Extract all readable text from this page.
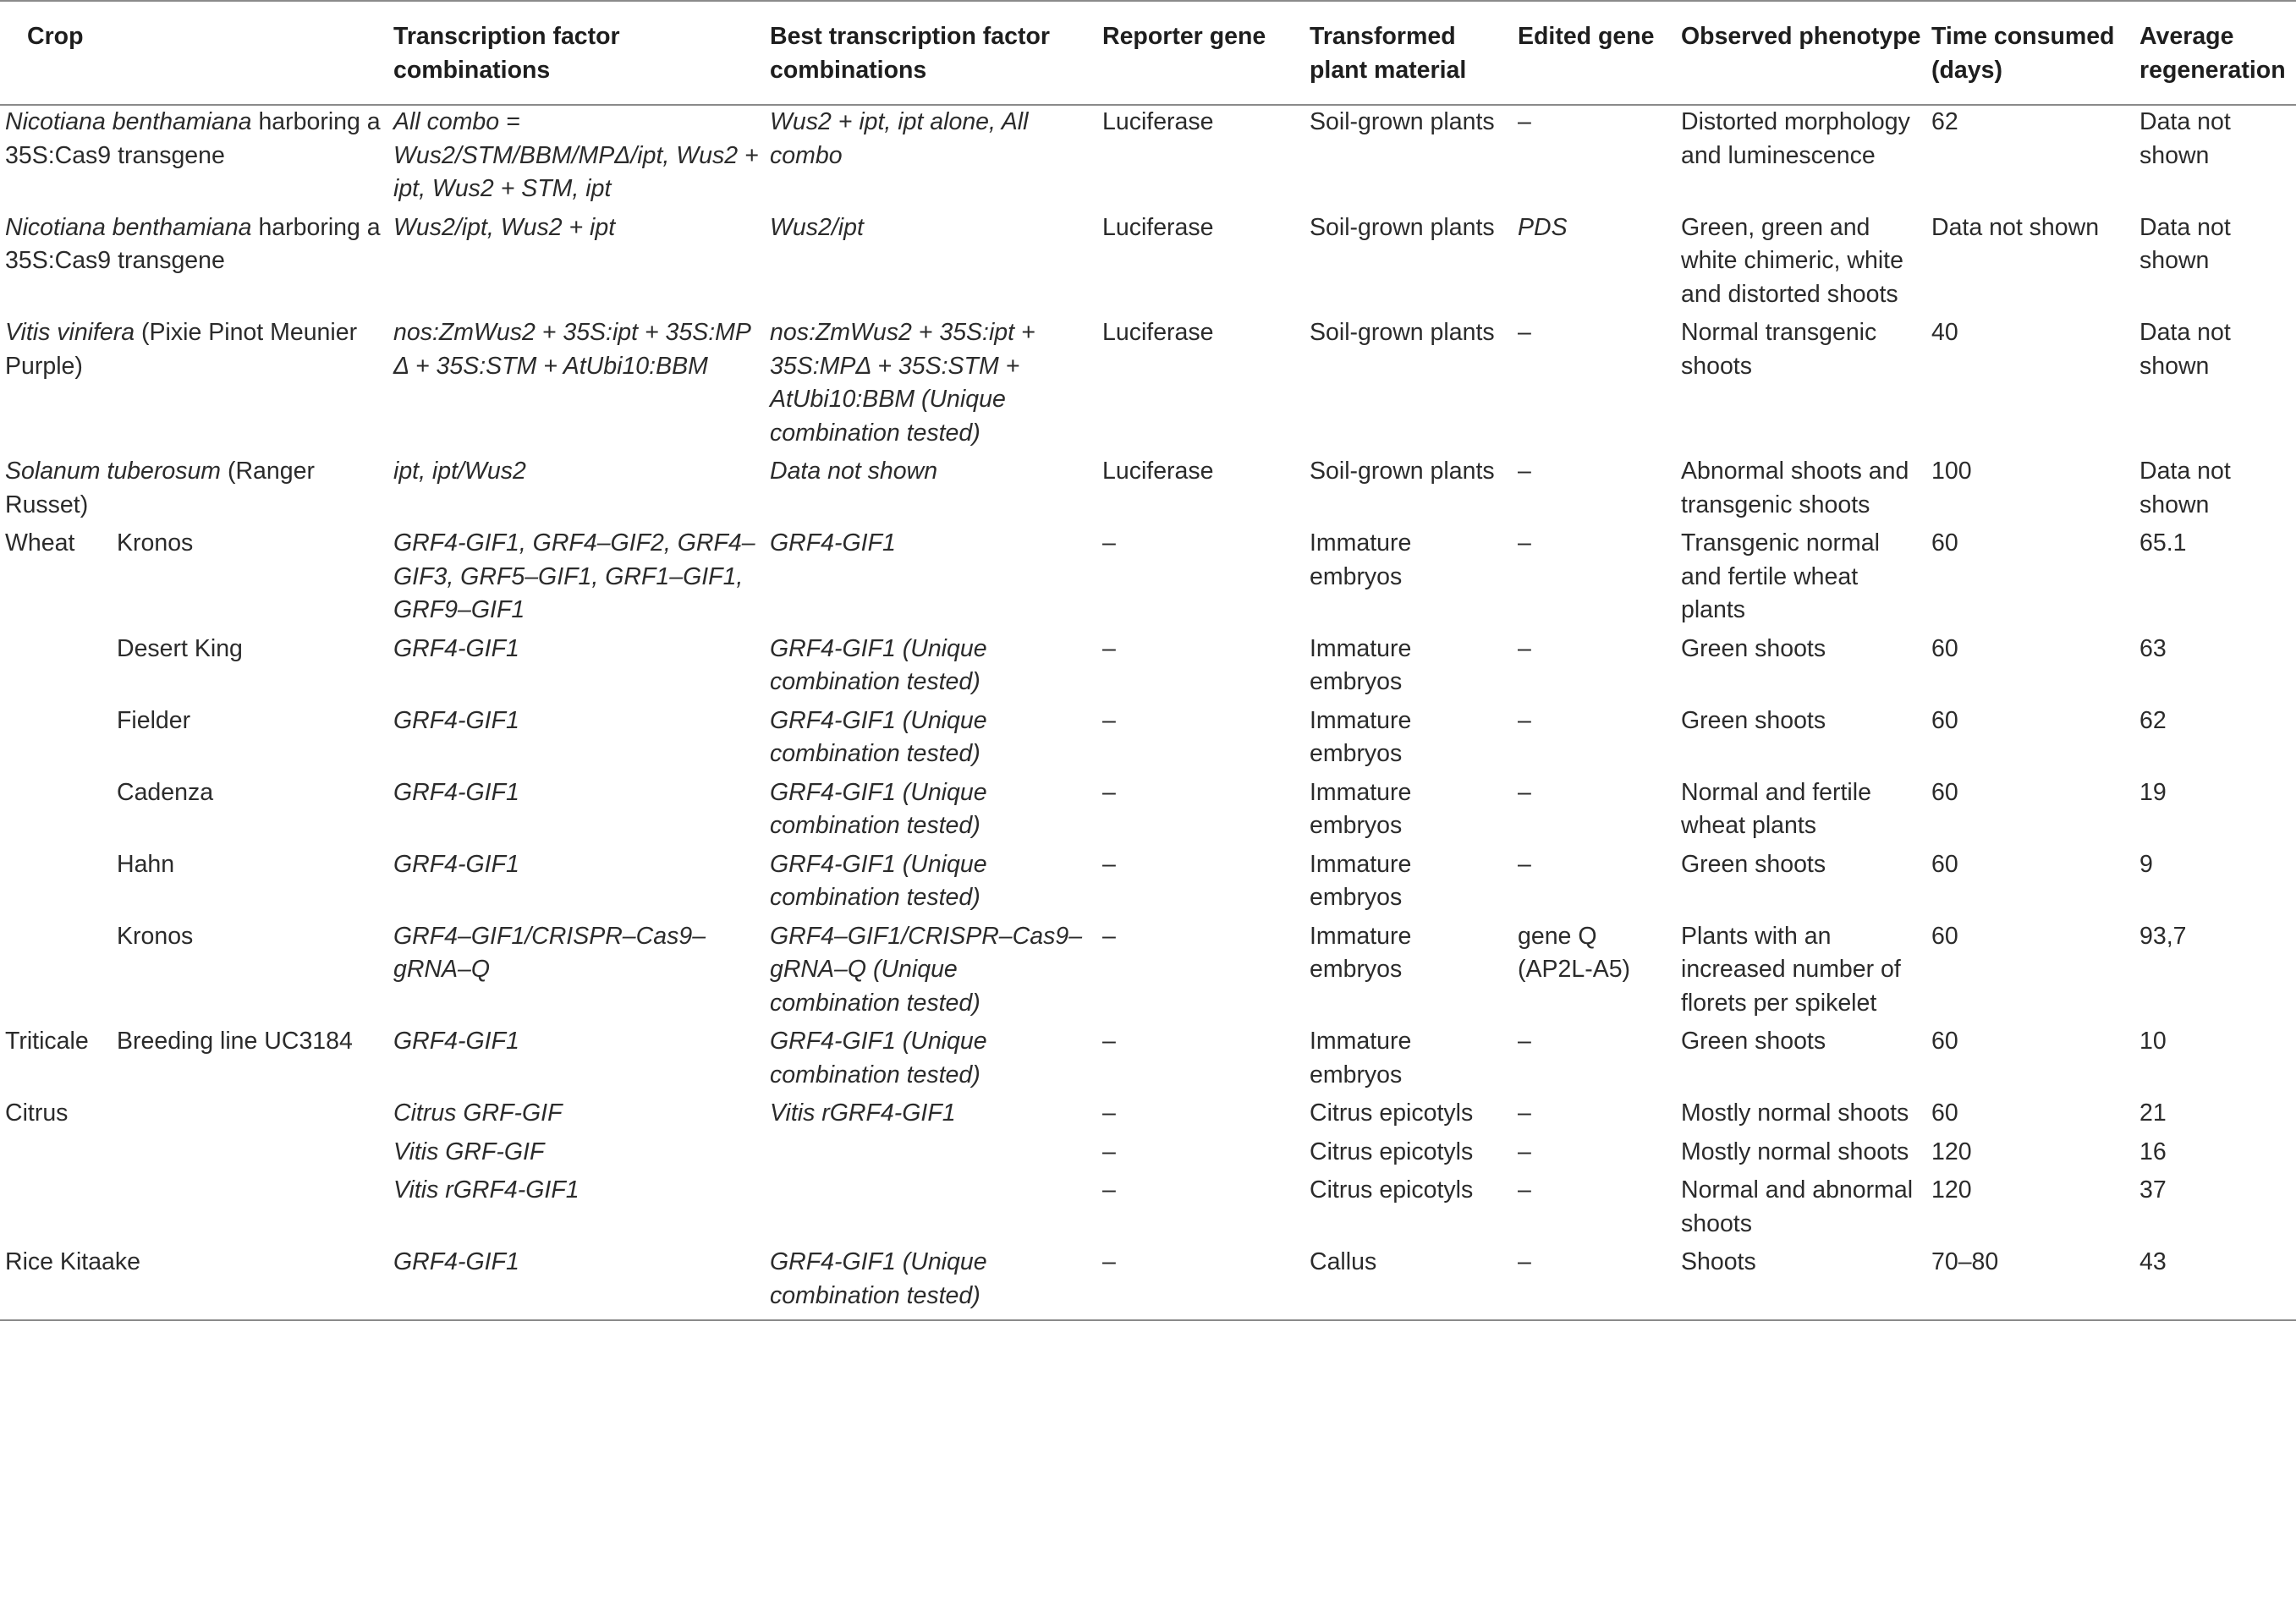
Crop		Transcription factor combinations	Best transcription factor combinations	Reporter gene	Transformed plant material	Edited gene	Observed phenotype	Time consumed (days)	Average regeneration
Nicotiana benthamiana harboring a 35S:Cas9 transgene		All combo = Wus2/STM/BBM/MPΔ/ipt, Wus2 + ipt, Wus2 + STM, ipt	Wus2 + ipt, ipt alone, All combo	Luciferase	Soil-grown plants	–	Distorted morphology and luminescence	62	Data not shown
Nicotiana benthamiana harboring a 35S:Cas9 transgene		Wus2/ipt, Wus2 + ipt	Wus2/ipt	Luciferase	Soil-grown plants	PDS	Green, green and white chimeric, white and distorted shoots	Data not shown	Data not shown
Vitis vinifera (Pixie Pinot Meunier Purple)		nos:ZmWus2 + 35S:ipt + 35S:MP Δ + 35S:STM + AtUbi10:BBM	nos:ZmWus2 + 35S:ipt + 35S:MPΔ + 35S:STM + AtUbi10:BBM (Unique combination tested)	Luciferase	Soil-grown plants	–	Normal transgenic shoots	40	Data not shown
Solanum tuberosum (Ranger Russet)		ipt, ipt/Wus2	Data not shown	Luciferase	Soil-grown plants	–	Abnormal shoots and transgenic shoots	100	Data not shown
Wheat	Kronos	GRF4-GIF1, GRF4–GIF2, GRF4–GIF3, GRF5–GIF1, GRF1–GIF1, GRF9–GIF1	GRF4-GIF1	–	Immature embryos	–	Transgenic normal and fertile wheat plants	60	65.1
	Desert King	GRF4-GIF1	GRF4-GIF1 (Unique combination tested)	–	Immature embryos	–	Green shoots	60	63
	Fielder	GRF4-GIF1	GRF4-GIF1 (Unique combination tested)	–	Immature embryos	–	Green shoots	60	62
	Cadenza	GRF4-GIF1	GRF4-GIF1 (Unique combination tested)	–	Immature embryos	–	Normal and fertile wheat plants	60	19
	Hahn	GRF4-GIF1	GRF4-GIF1 (Unique combination tested)	–	Immature embryos	–	Green shoots	60	9
	Kronos	GRF4–GIF1/CRISPR–Cas9–gRNA–Q	GRF4–GIF1/CRISPR–Cas9–gRNA–Q (Unique combination tested)	–	Immature embryos	gene Q (AP2L-A5)	Plants with an increased number of florets per spikelet	60	93,7
Triticale	Breeding line UC3184	GRF4-GIF1	GRF4-GIF1 (Unique combination tested)	–	Immature embryos	–	Green shoots	60	10
Citrus		Citrus GRF-GIF	Vitis rGRF4-GIF1	–	Citrus epicotyls	–	Mostly normal shoots	60	21
		Vitis GRF-GIF		–	Citrus epicotyls	–	Mostly normal shoots	120	16
		Vitis rGRF4-GIF1		–	Citrus epicotyls	–	Normal and abnormal shoots	120	37
Rice Kitaake		GRF4-GIF1	GRF4-GIF1 (Unique combination tested)	–	Callus	–	Shoots	70–80	43
